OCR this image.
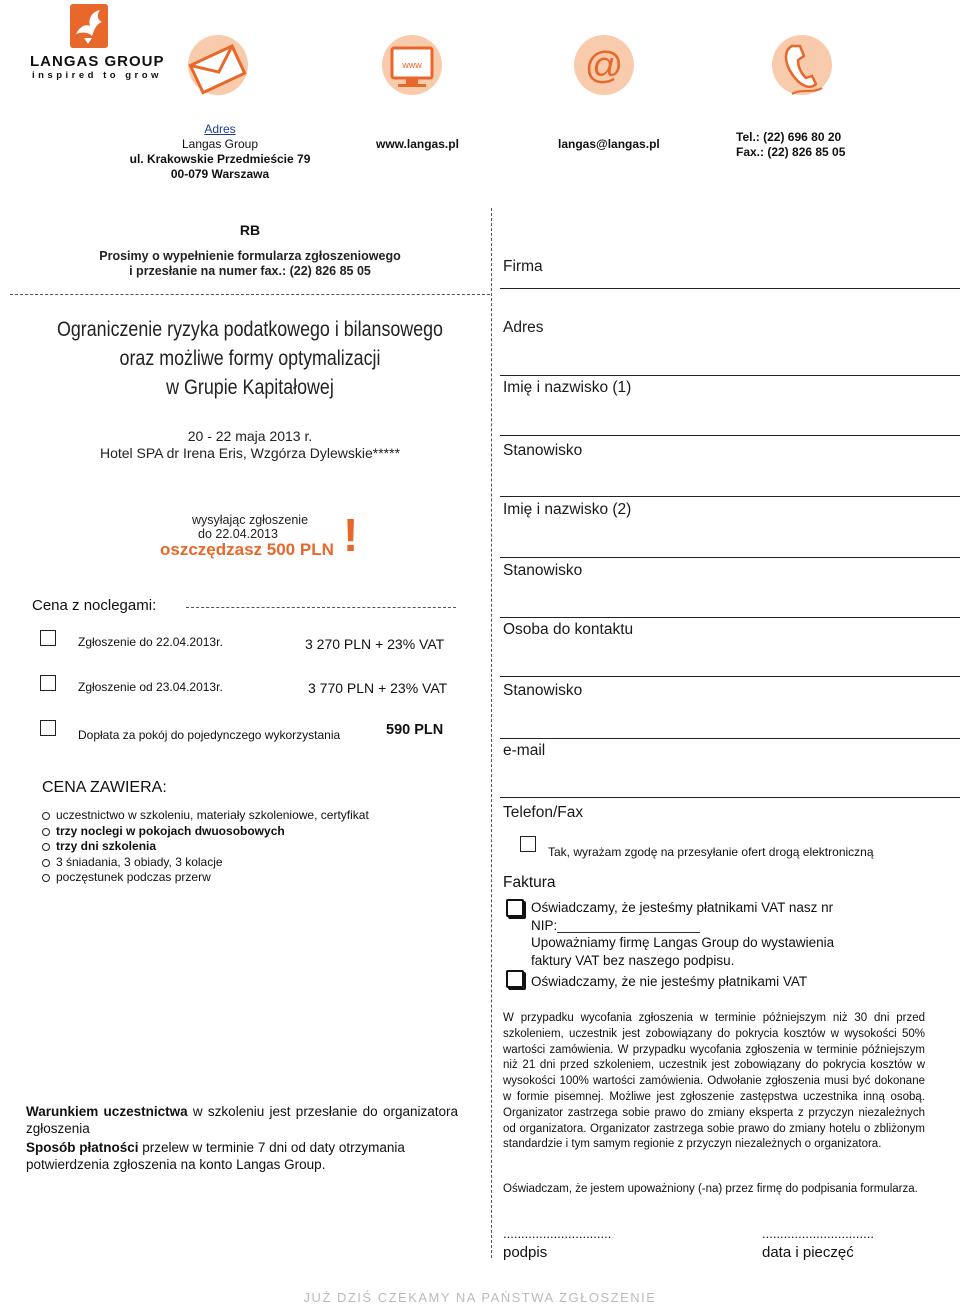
LANGAS GROUP
inspired to grow
www	@
Adres
Langas Group
ul. Krakowskie Przedmieście 79
00-079 Warszawa
www.langas.pl	langas@langas.pl	Tel.: (22) 696 80 20
Fax.: (22) 826 85 05
RB
Prosimy o wypełnienie formularza zgłoszeniowego
i przesłanie na numer fax.: (22) 826 85 05
Ograniczenie ryzyka podatkowego i bilansowego
oraz możliwe formy optymalizacji
w Grupie Kapitałowej
20 - 22 maja 2013 r.
Hotel SPA dr Irena Eris, Wzgórza Dylewskie*****
wysyłając zgłoszenie
do 22.04.2013
oszczędzasz 500 PLN !
Cena z noclegami:
Zgłoszenie do 22.04.2013r.	3 270 PLN + 23% VAT
Zgłoszenie od 23.04.2013r.	3 770 PLN + 23% VAT
Dopłata za pokój do pojedynczego wykorzystania	590 PLN
CENA ZAWIERA:
uczestnictwo w szkoleniu, materiały szkoleniowe, certyfikat
trzy noclegi w pokojach dwuosobowych
trzy dni szkolenia
3 śniadania, 3 obiady, 3 kolacje
poczęstunek podczas przerw
Warunkiem uczestnictwa w szkoleniu jest przesłanie do organizatora zgłoszenia
Sposób płatności przelew w terminie 7 dni od daty otrzymania potwierdzenia zgłoszenia na konto Langas Group.
Firma
Adres
Imię i nazwisko (1)
Stanowisko
Imię i nazwisko (2)
Stanowisko
Osoba do kontaktu
Stanowisko
e-mail
Telefon/Fax
Tak, wyrażam zgodę na przesyłanie ofert drogą elektroniczną
Faktura
Oświadczamy, że jesteśmy płatnikami VAT nasz nr
NIP:___________________
Upoważniamy firmę Langas Group do wystawienia
faktury VAT bez naszego podpisu.
Oświadczamy, że nie jesteśmy płatnikami VAT
W przypadku wycofania zgłoszenia w terminie późniejszym niż 30 dni przed szkoleniem, uczestnik jest zobowiązany do pokrycia kosztów w wysokości 50% wartości zamówienia. W przypadku wycofania zgłoszenia w terminie późniejszym niż 21 dni przed szkoleniem, uczestnik jest zobowiązany do pokrycia kosztów w wysokości 100% wartości zamówienia. Odwołanie zgłoszenia musi być dokonane w formie pisemnej. Możliwe jest zgłoszenie zastępstwa uczestnika inną osobą. Organizator zastrzega sobie prawo do zmiany eksperta z przyczyn niezależnych od organizatora. Organizator zastrzega sobie prawo do zmiany hotelu o zbliżonym standardzie i tym samym regionie z przyczyn niezależnych o organizatora.
Oświadczam, że jestem upoważniony (-na) przez firmę do podpisania formularza.
..............................	...............................
podpis	data i pieczęć
JUŻ DZIŚ CZEKAMY NA PAŃSTWA ZGŁOSZENIE
